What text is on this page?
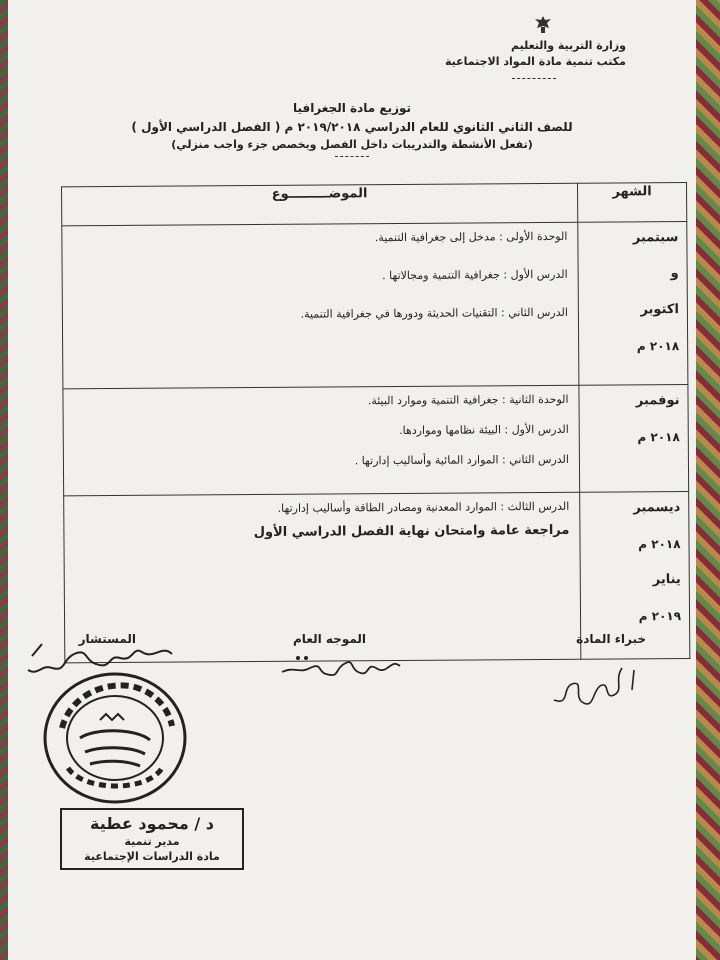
وزارة التربية والتعليم
مكتب تنمية مادة المواد الاجتماعية
توزيع مادة الجغرافيا
للصف الثاني الثانوي للعام الدراسي ٢٠١٩/٢٠١٨ م ( الفصل الدراسي الأول )
(تفعل الأنشطة والتدريبات داخل الفصل ويخصص جزء واجب منزلي)
الشهر	الموضـــــــــوع

سبتمبر
و
اكتوبر
٢٠١٨ م	الوحدة الأولى : مدخل إلى جغرافية التنمية.
الدرس الأول : جغرافية التنمية ومجالاتها .
الدرس الثاني : التقنيات الحديثة ودورها في جغرافية التنمية.

نوفمبر
٢٠١٨ م	الوحدة الثانية : جغرافية التنمية وموارد البيئة.
الدرس الأول : البيئة نظامها ومواردها.
الدرس الثاني : الموارد المائية وأساليب إدارتها .

ديسمبر
٢٠١٨ م
يناير
٢٠١٩ م	الدرس الثالث : الموارد المعدنية ومصادر الطاقة وأساليب إدارتها.
مراجعة عامة وامتحان نهاية الفصل الدراسي الأول
خبراء المادة
الموجه العام
المستشار
د / محمود عطية
مدير تنمية
مادة الدراسات الإجتماعية
